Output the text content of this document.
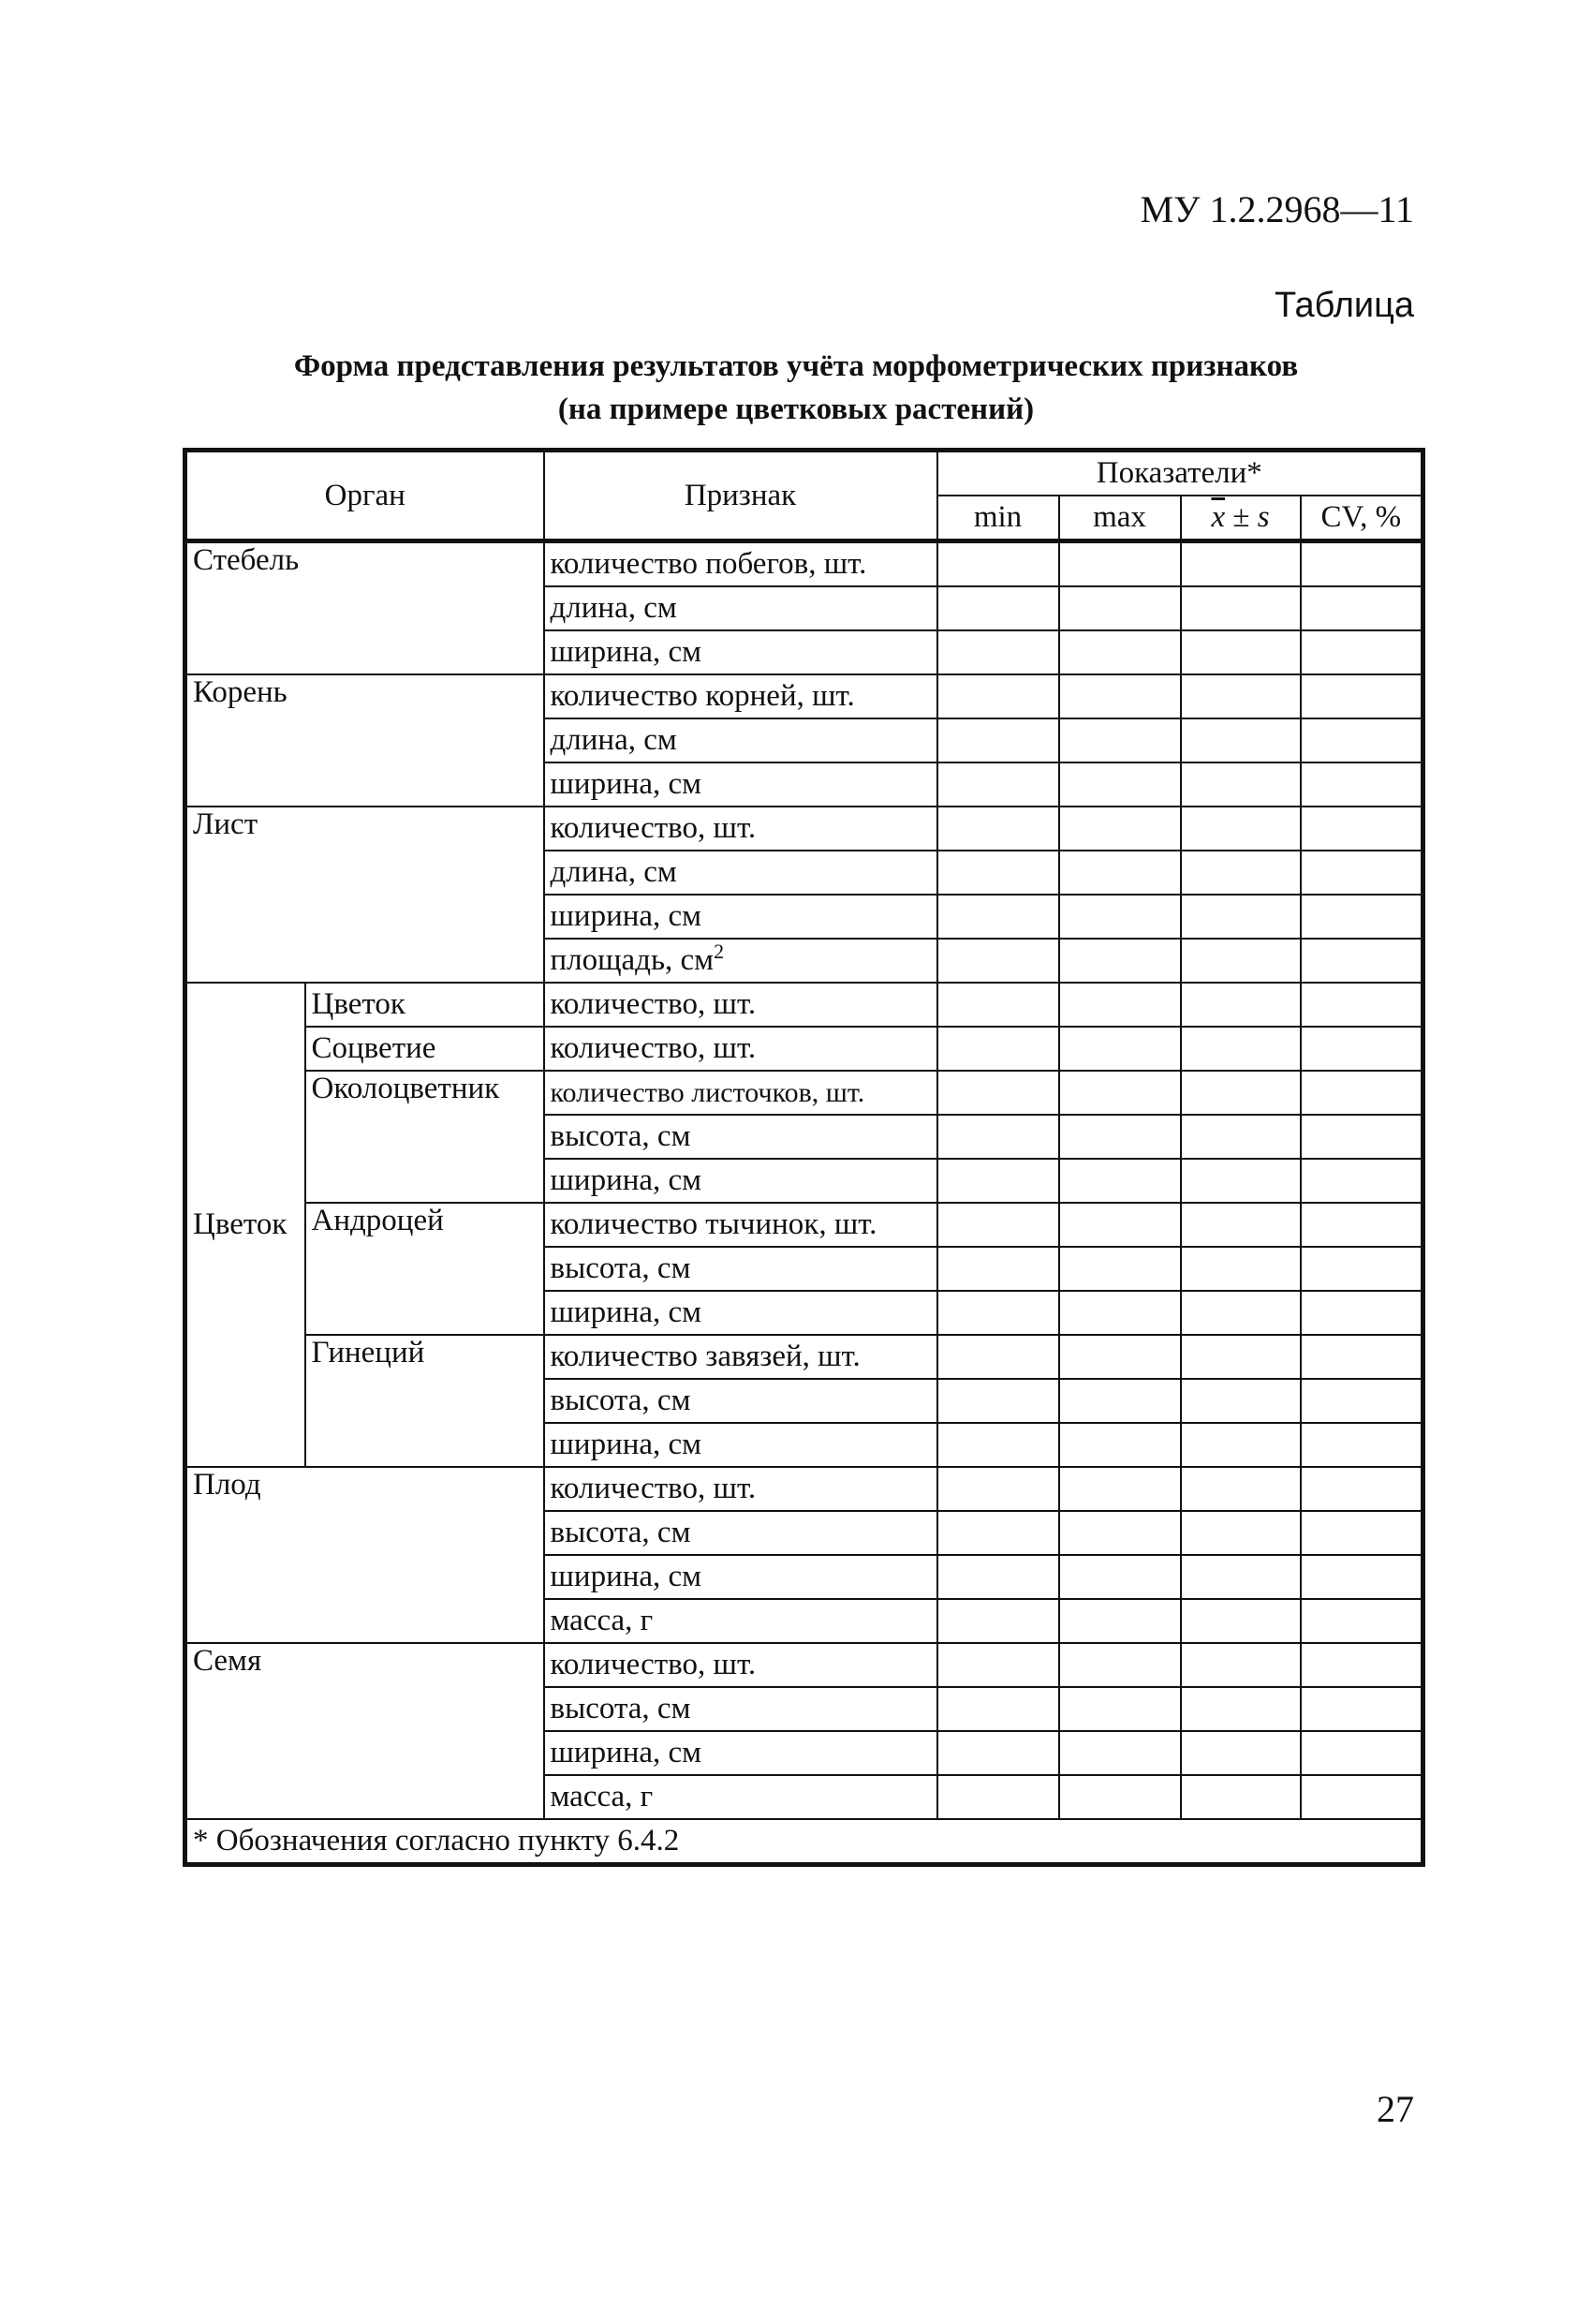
МУ 1.2.2968—11
Таблица
Форма представления результатов учёта морфометрических признаков
(на примере цветковых растений)
Орган		Признак	Показатели*			
			min	max	$\overline{x} \pm s$	CV, %
Стебель		количество побегов, шт.				
		длина, см				
		ширина, см				
Корень		количество корней, шт.				
		длина, см				
		ширина, см				
Лист		количество, шт.				
		длина, см				
		ширина, см				
		площадь, $см^2$				
Цветок	Цветок	количество, шт.				
	Соцветие	количество, шт.				
	Околоцветник	количество листочков, шт.				
		высота, см				
		ширина, см				
	Андроцей	количество тычинок, шт.				
		высота, см				
		ширина, см				
	Гинеций	количество завязей, шт.				
		высота, см				
		ширина, см				
Плод		количество, шт.				
		высота, см				
		ширина, см				
		масса, г				
Семя		количество, шт.				
		высота, см				
		ширина, см				
		масса, г				
* Обозначения согласно пункту 6.4.2						
27
